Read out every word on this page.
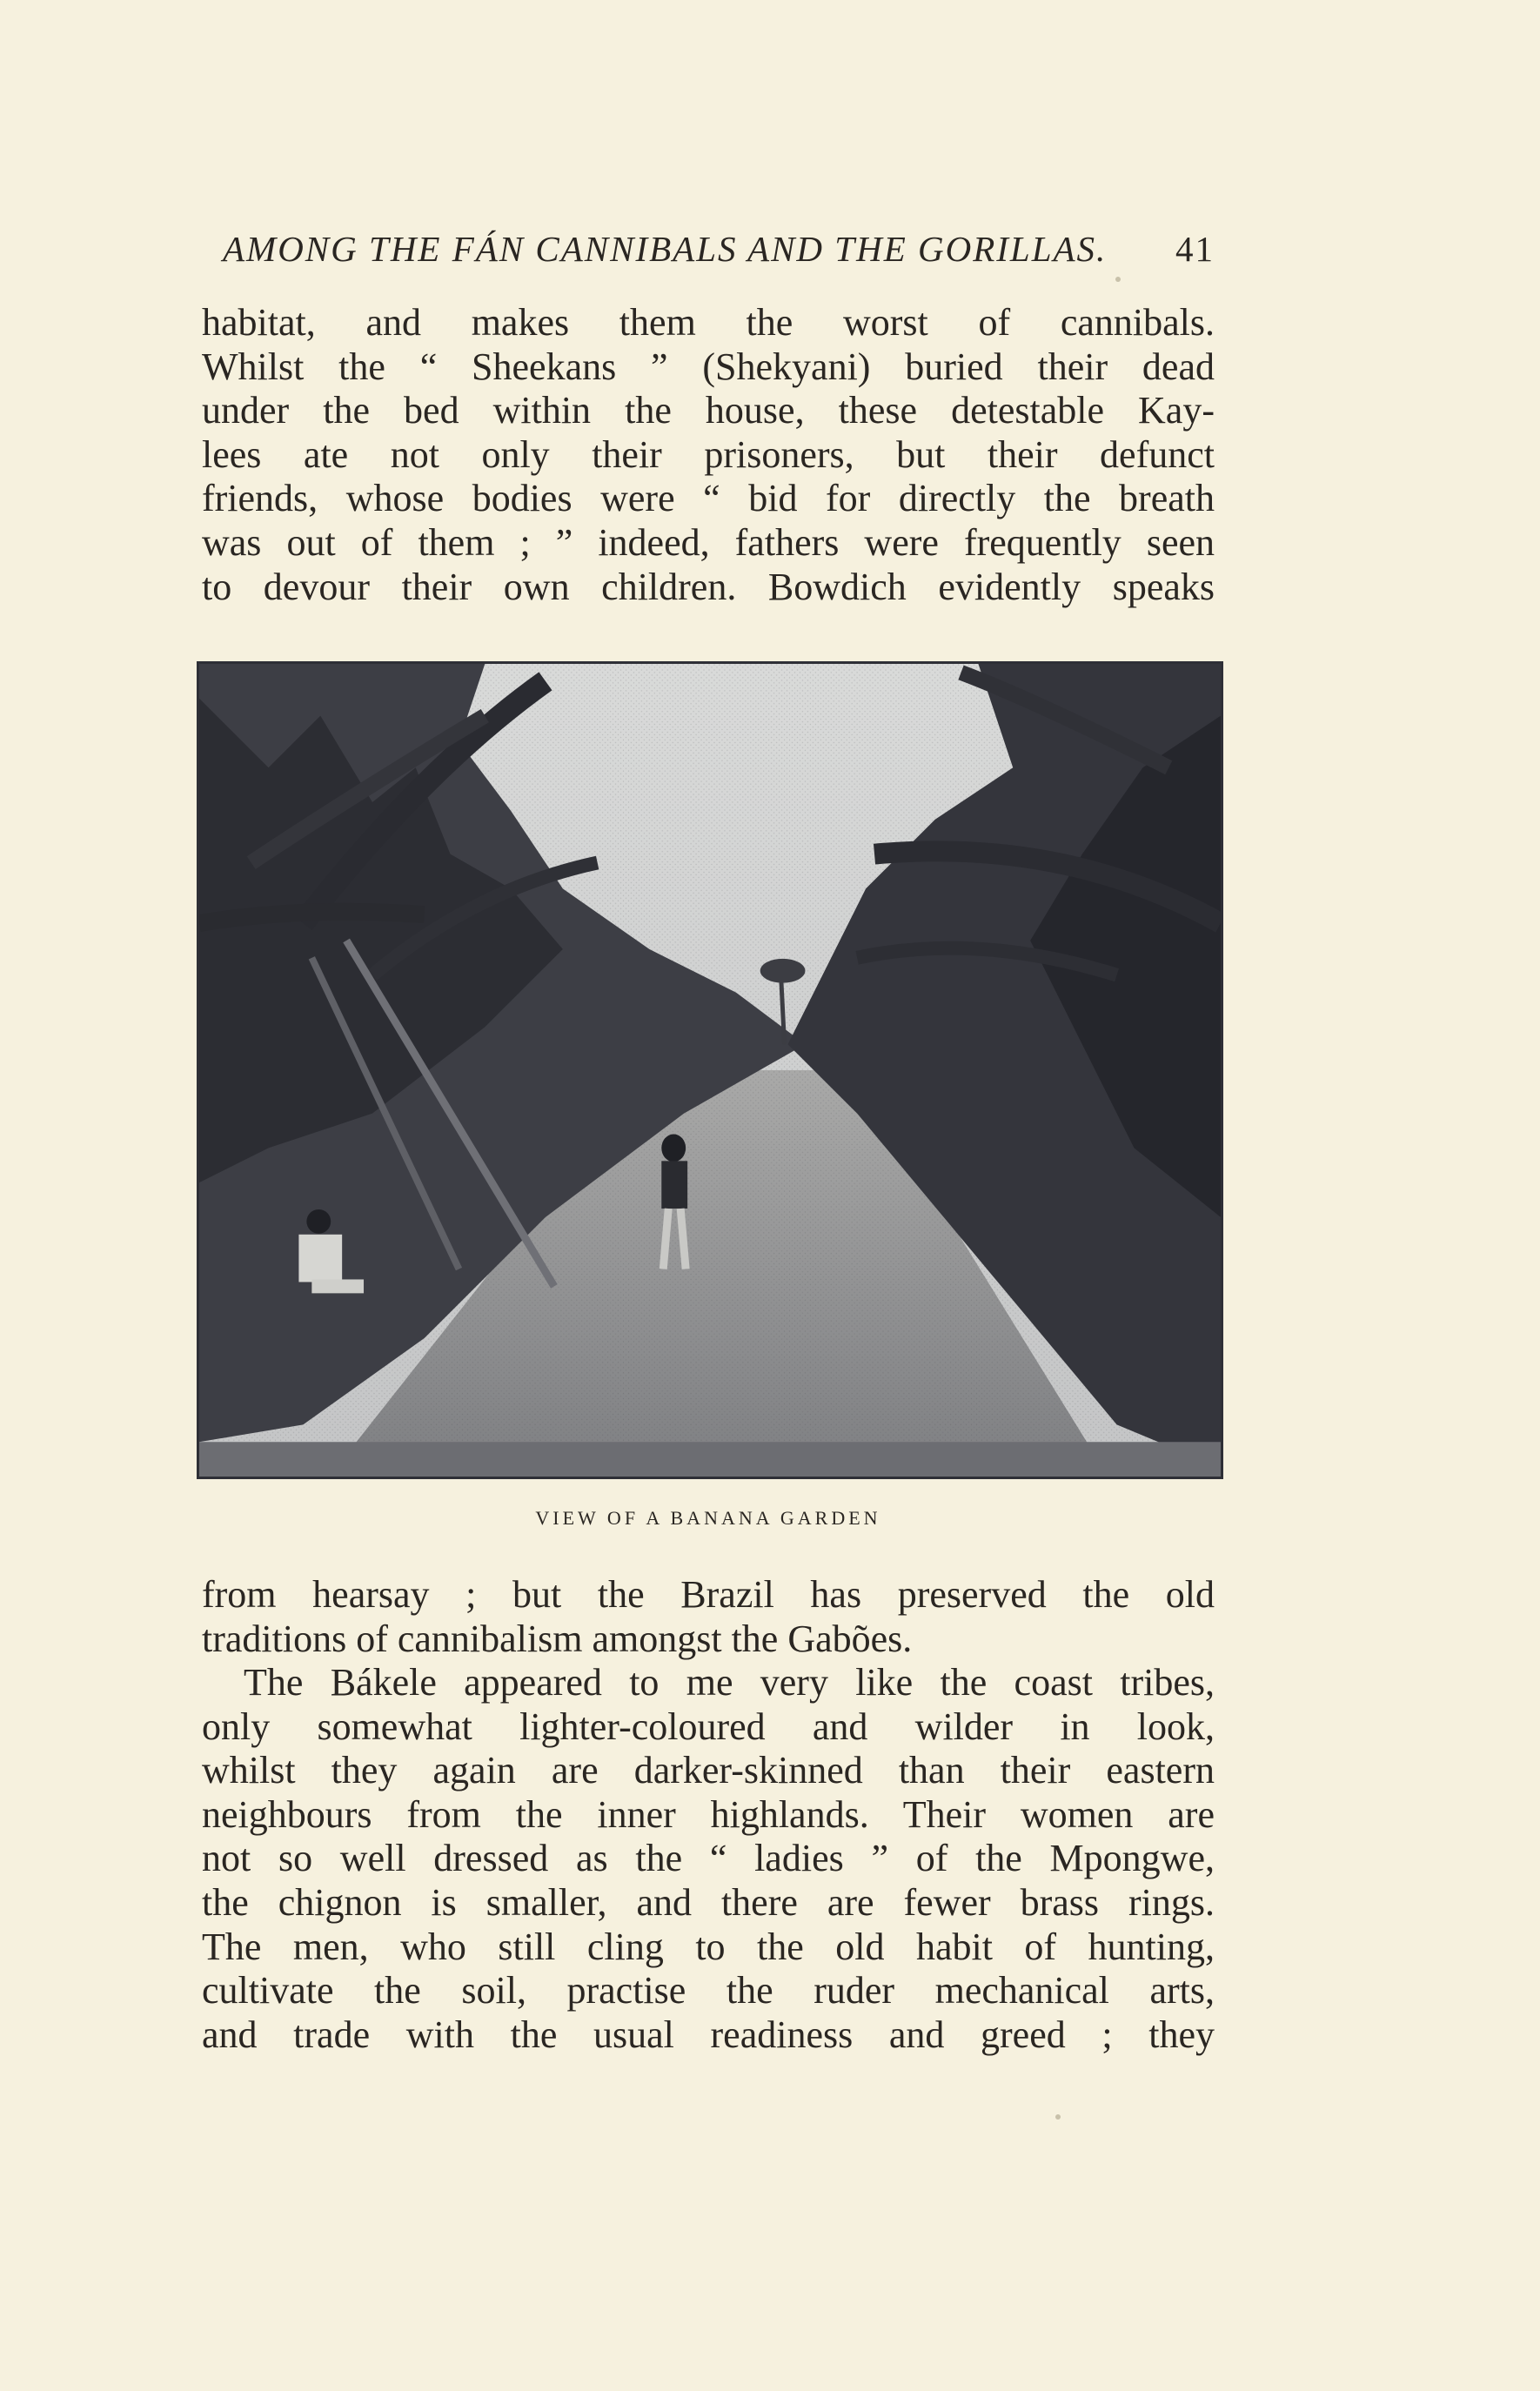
AMONG THE FÁN CANNIBALS AND THE GORILLAS. 41
habitat, and makes them the worst of cannibals.
Whilst the “ Sheekans ” (Shekyani) buried their dead
under the bed within the house, these detestable Kay-
lees ate not only their prisoners, but their defunct
friends, whose bodies were “ bid for directly the breath
was out of them ; ” indeed, fathers were frequently seen
to devour their own children. Bowdich evidently speaks
VIEW OF A BANANA GARDEN
from hearsay ; but the Brazil has preserved the old
traditions of cannibalism amongst the Gabões.
The Bákele appeared to me very like the coast tribes,
only somewhat lighter-coloured and wilder in look,
whilst they again are darker-skinned than their eastern
neighbours from the inner highlands. Their women are
not so well dressed as the “ ladies ” of the Mpongwe,
the chignon is smaller, and there are fewer brass rings.
The men, who still cling to the old habit of hunting,
cultivate the soil, practise the ruder mechanical arts,
and trade with the usual readiness and greed ; they
